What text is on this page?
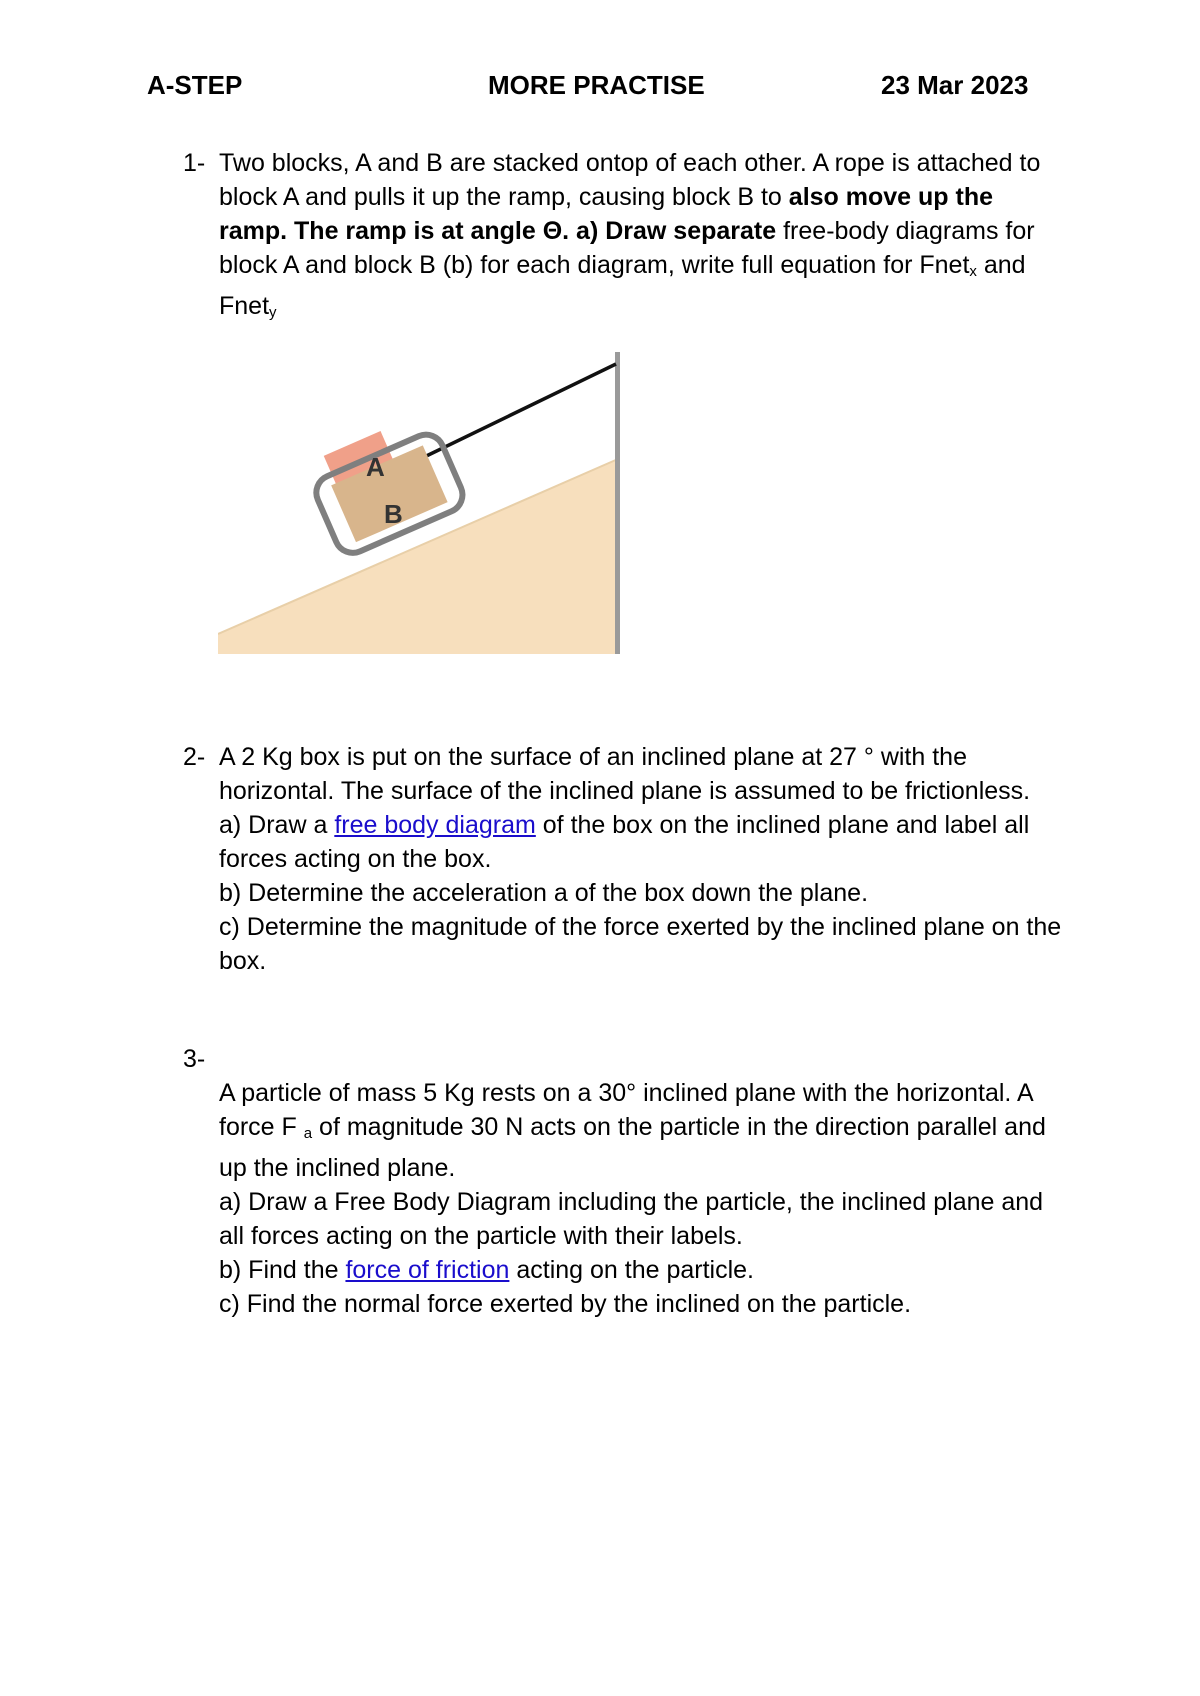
A-STEP	MORE PRACTISE	23 Mar 2023
1- Two blocks, A and B are stacked ontop of each other. A rope is attached to block A and pulls it up the ramp, causing block B to also move up the ramp. The ramp is at angle Θ. a) Draw separate free-body diagrams for block A and block B (b) for each diagram, write full equation for Fnet$_x$ and Fnet$_y$
A
B
2- A 2 Kg box is put on the surface of an inclined plane at 27 ° with the horizontal. The surface of the inclined plane is assumed to be frictionless.

a) Draw a free body diagram of the box on the inclined plane and label all forces acting on the box.

b) Determine the acceleration a of the box down the plane.

c) Determine the magnitude of the force exerted by the inclined plane on the box.

3-

A particle of mass 5 Kg rests on a 30° inclined plane with the horizontal. A force F $_a$ of magnitude 30 N acts on the particle in the direction parallel and up the inclined plane.

a) Draw a Free Body Diagram including the particle, the inclined plane and all forces acting on the particle with their labels.

b) Find the force of friction acting on the particle.

c) Find the normal force exerted by the inclined on the particle.
